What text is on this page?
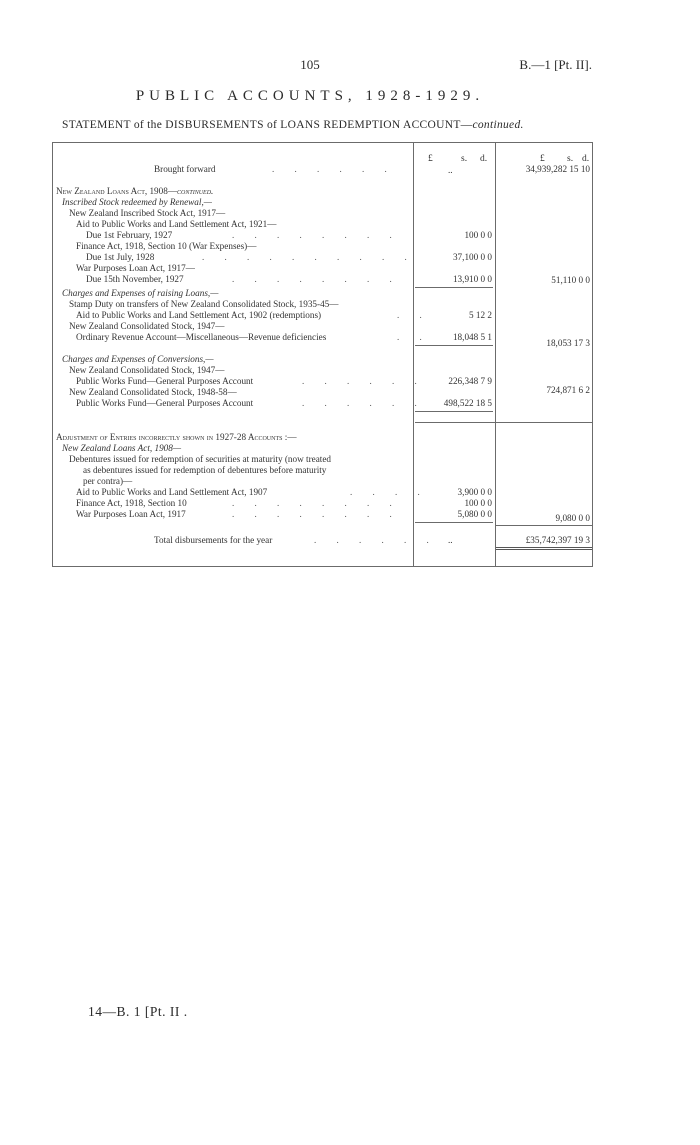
105	B.—1 [Pt. II].
PUBLIC ACCOUNTS, 1928-1929.
STATEMENT of the DISBURSEMENTS of LOANS REDEMPTION ACCOUNT—continued.
£	s. d.	£ s. d.
Brought forward	. . . . . .	..	34,939,282 15 10
New Zealand Loans Act, 1908—continued.
Inscribed Stock redeemed by Renewal,—
New Zealand Inscribed Stock Act, 1917—
Aid to Public Works and Land Settlement Act, 1921—
Due 1st February, 1927	. . . . . . . .	100 0 0
Finance Act, 1918, Section 10 (War Expenses)—
Due 1st July, 1928	. . . . . . . . . .	37,100 0 0
War Purposes Loan Act, 1917—
Due 15th November, 1927	. . . . . . . .	13,910 0 0	51,110 0 0
Charges and Expenses of raising Loans,—
Stamp Duty on transfers of New Zealand Consolidated Stock, 1935-45—
Aid to Public Works and Land Settlement Act, 1902 (redemptions)	. .	5 12 2
New Zealand Consolidated Stock, 1947—
Ordinary Revenue Account—Miscellaneous—Revenue deficiencies	. .	18,048 5 1
18,053 17 3
Charges and Expenses of Conversions,—
New Zealand Consolidated Stock, 1947—
Public Works Fund—General Purposes Account	. . . . . .	226,348 7 9
New Zealand Consolidated Stock, 1948-58—
Public Works Fund—General Purposes Account	. . . . . .	498,522 18 5
724,871 6 2
Adjustment of Entries incorrectly shown in 1927-28 Accounts :—
New Zealand Loans Act, 1908—
Debentures issued for redemption of securities at maturity (now treated
as debentures issued for redemption of debentures before maturity
per contra)—
Aid to Public Works and Land Settlement Act, 1907	. . . .	3,900 0 0
Finance Act, 1918, Section 10	. . . . . . . .	100 0 0
War Purposes Loan Act, 1917	. . . . . . . .	5,080 0 0	9,080 0 0
Total disbursements for the year	. . . . . . ..	£35,742,397 19 3
14—B. 1 [Pt. II .
